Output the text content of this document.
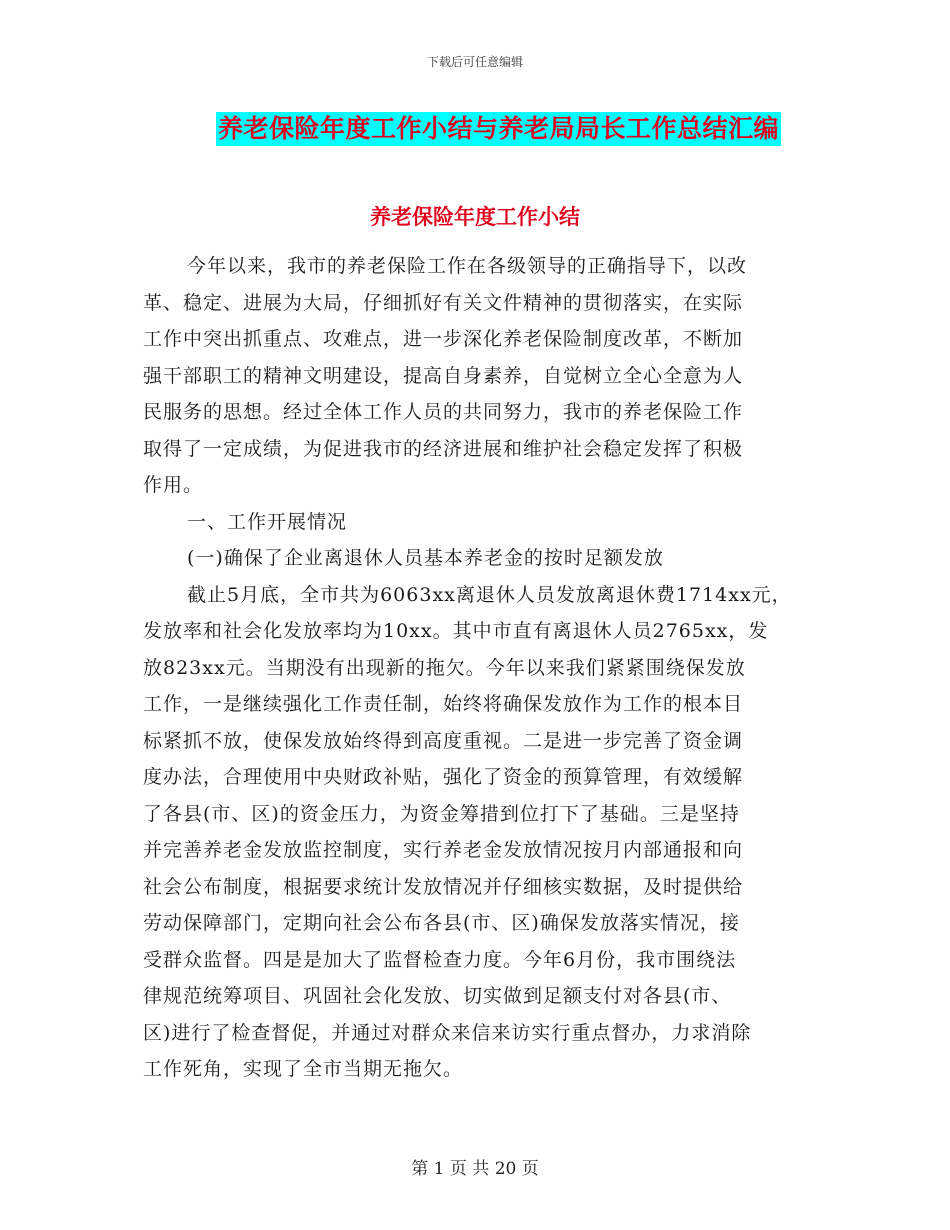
下载后可任意编辑
养老保险年度工作小结与养老局局长工作总结汇编
养老保险年度工作小结
今年以来，我市的养老保险工作在各级领导的正确指导下，以改
革、稳定、进展为大局，仔细抓好有关文件精神的贯彻落实，在实际
工作中突出抓重点、攻难点，进一步深化养老保险制度改革，不断加
强干部职工的精神文明建设，提高自身素养，自觉树立全心全意为人
民服务的思想。经过全体工作人员的共同努力，我市的养老保险工作
取得了一定成绩，为促进我市的经济进展和维护社会稳定发挥了积极
作用。
一、工作开展情况
(一)确保了企业离退休人员基本养老金的按时足额发放
截止5月底，全市共为6063xx离退休人员发放离退休费1714xx元，
发放率和社会化发放率均为10xx。其中市直有离退休人员2765xx，发
放823xx元。当期没有出现新的拖欠。今年以来我们紧紧围绕保发放
工作，一是继续强化工作责任制，始终将确保发放作为工作的根本目
标紧抓不放，使保发放始终得到高度重视。二是进一步完善了资金调
度办法，合理使用中央财政补贴，强化了资金的预算管理，有效缓解
了各县(市、区)的资金压力，为资金筹措到位打下了基础。三是坚持
并完善养老金发放监控制度，实行养老金发放情况按月内部通报和向
社会公布制度，根据要求统计发放情况并仔细核实数据，及时提供给
劳动保障部门，定期向社会公布各县(市、区)确保发放落实情况，接
受群众监督。四是是加大了监督检查力度。今年6月份，我市围绕法
律规范统筹项目、巩固社会化发放、切实做到足额支付对各县(市、
区)进行了检查督促，并通过对群众来信来访实行重点督办，力求消除
工作死角，实现了全市当期无拖欠。
第 1 页 共 20 页
